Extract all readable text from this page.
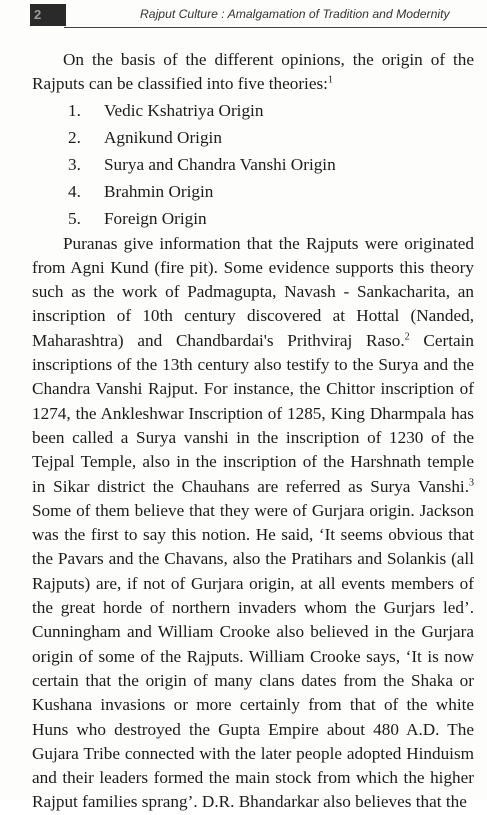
2	Rajput Culture : Amalgamation of Tradition and Modernity

On the basis of the different opinions, the origin of the Rajputs can be classified into five theories:$^1$

1. Vedic Kshatriya Origin
2. Agnikund Origin
3. Surya and Chandra Vanshi Origin
4. Brahmin Origin
5. Foreign Origin

Puranas give information that the Rajputs were originated from Agni Kund (fire pit). Some evidence supports this theory such as the work of Padmagupta, Navash - Sankacharita, an inscription of 10th century discovered at Hottal (Nanded, Maharashtra) and Chandbardai's Prithviraj Raso.$^2$ Certain inscriptions of the 13th century also testify to the Surya and the Chandra Vanshi Rajput. For instance, the Chittor inscription of 1274, the Ankleshwar Inscription of 1285, King Dharmpala has been called a Surya vanshi in the inscription of 1230 of the Tejpal Temple, also in the inscription of the Harshnath temple in Sikar district the Chauhans are referred as Surya Vanshi.$^3$ Some of them believe that they were of Gurjara origin. Jackson was the first to say this notion. He said, ‘It seems obvious that the Pavars and the Chavans, also the Pratihars and Solankis (all Rajputs) are, if not of Gurjara origin, at all events members of the great horde of northern invaders whom the Gurjars led’. Cunningham and William Crooke also believed in the Gurjara origin of some of the Rajputs. William Crooke says, ‘It is now certain that the origin of many clans dates from the Shaka or Kushana invasions or more certainly from that of the white Huns who destroyed the Gupta Empire about 480 A.D. The Gujara Tribe connected with the later people adopted Hinduism and their leaders formed the main stock from which the higher Rajput families sprang’. D.R. Bhandarkar also believes that the
